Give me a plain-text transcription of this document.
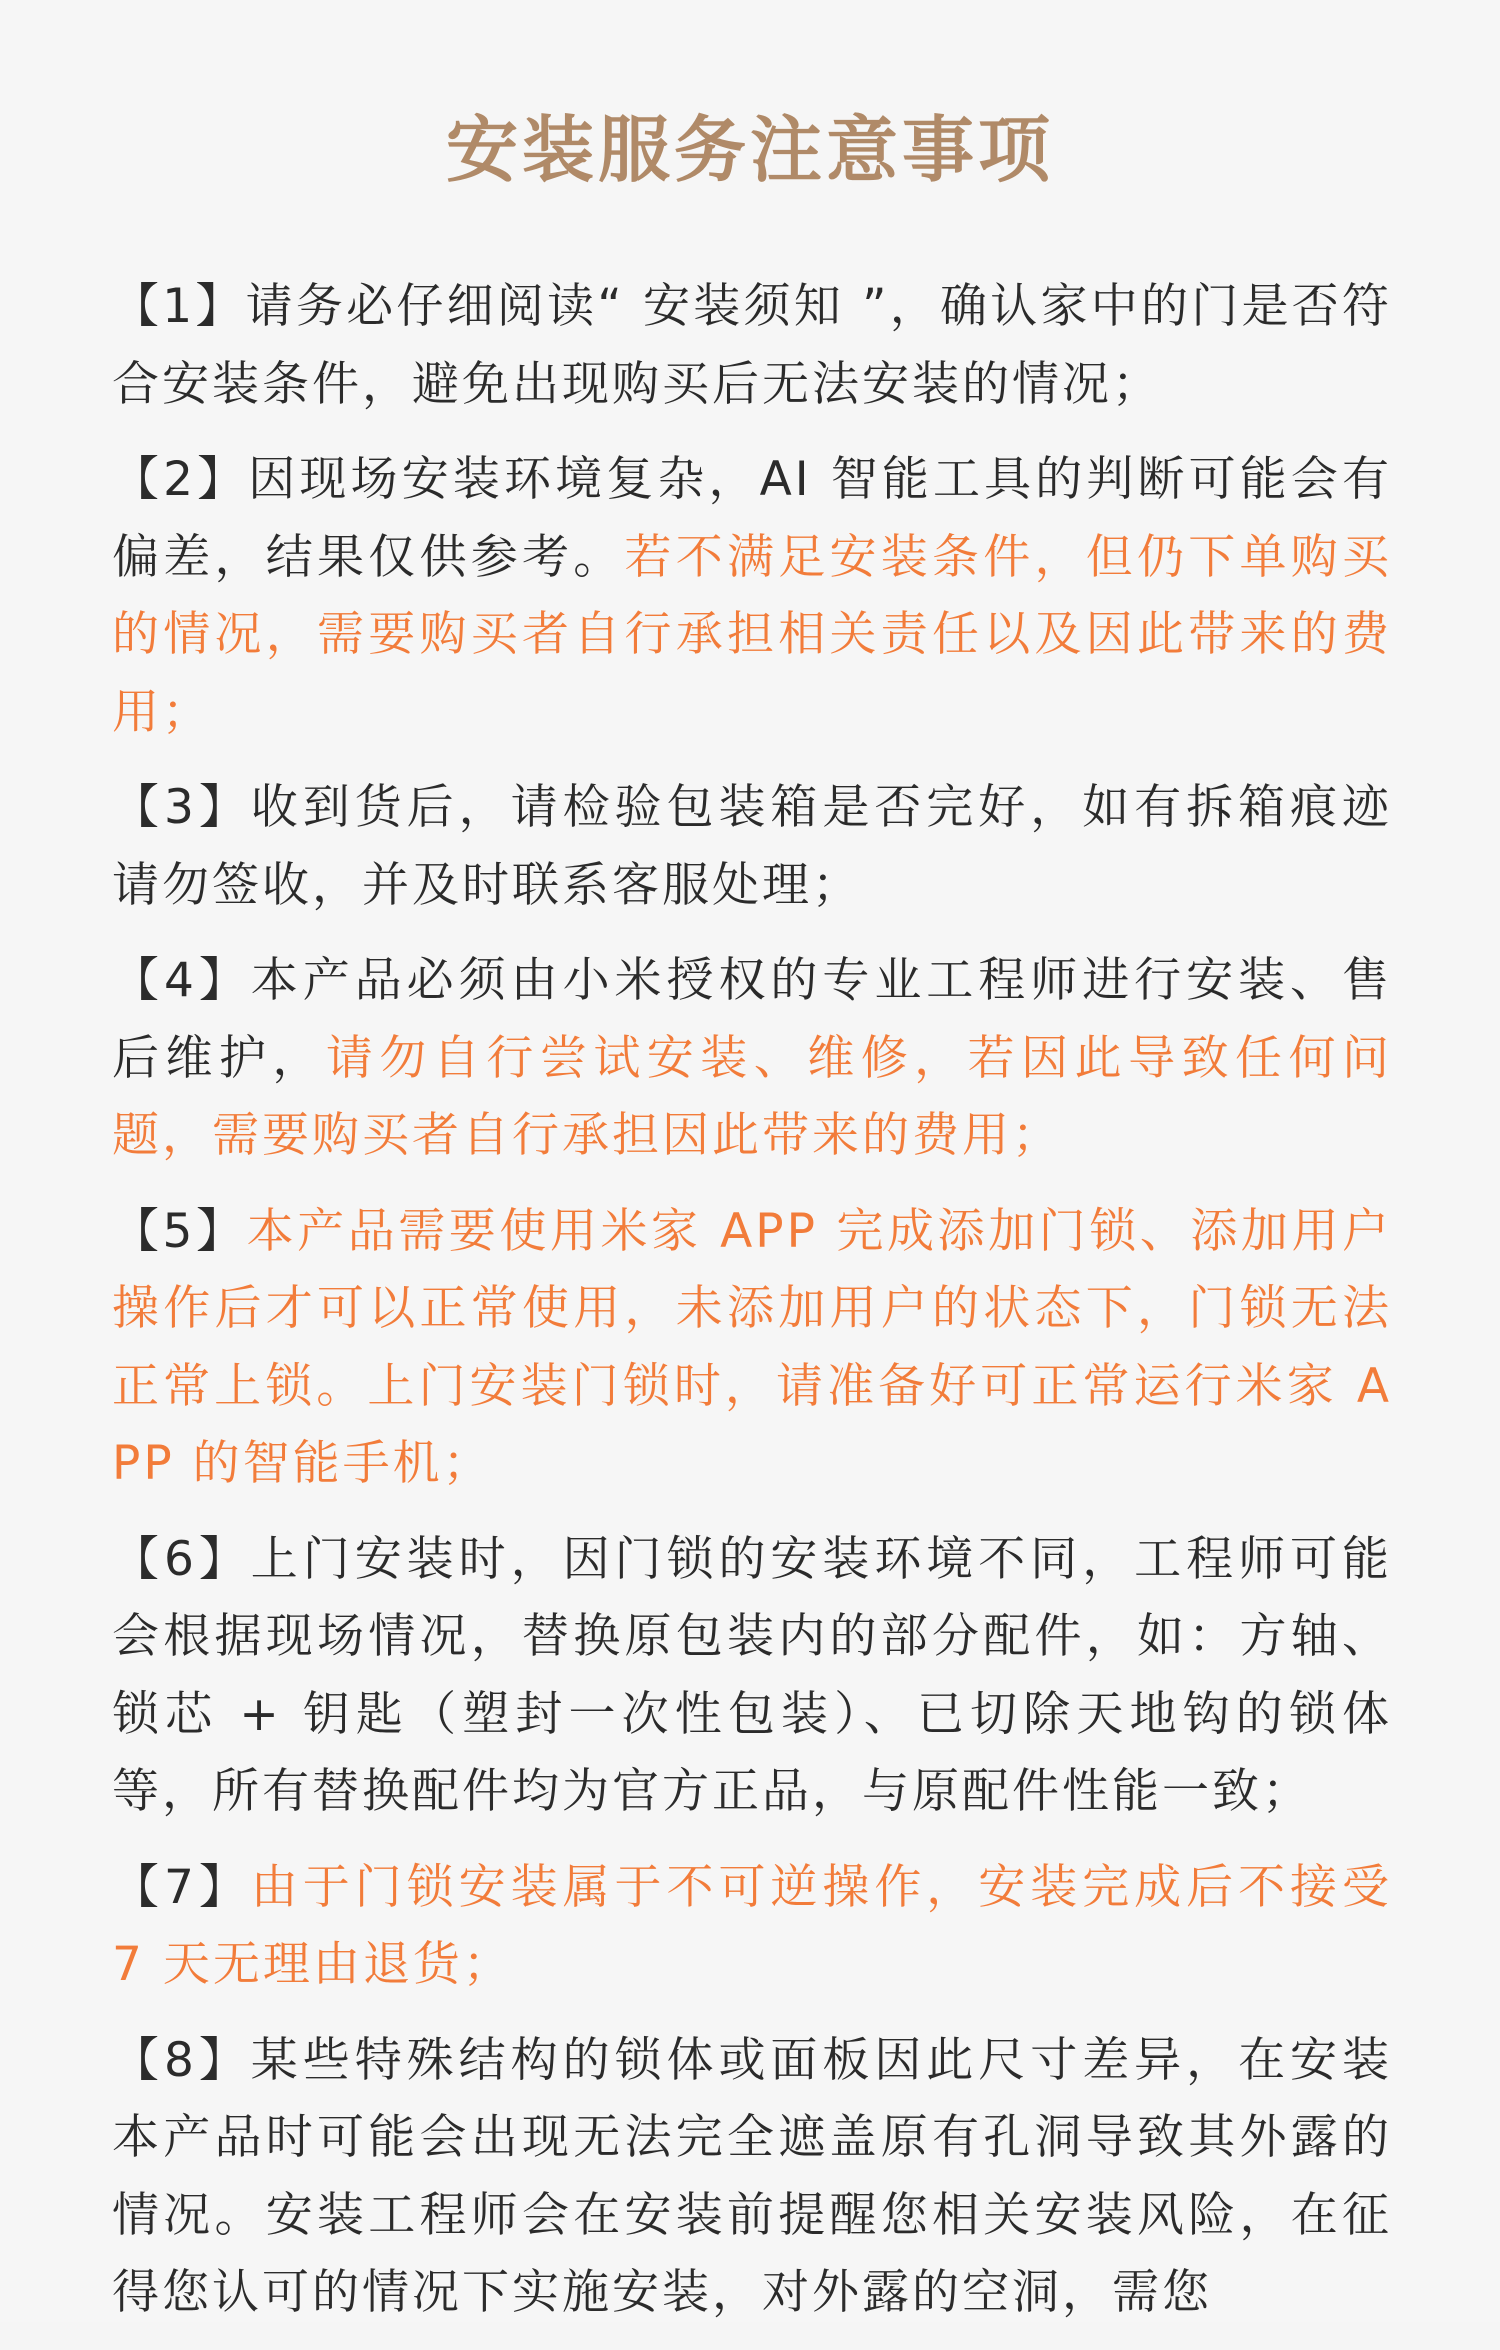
安装服务注意事项

【1】请务必仔细阅读“ 安装须知 ”，确认家中的门是否符合安装条件，避免出现购买后无法安装的情况；

【2】因现场安装环境复杂，AI 智能工具的判断可能会有偏差，结果仅供参考。若不满足安装条件，但仍下单购买的情况，需要购买者自行承担相关责任以及因此带来的费用；

【3】收到货后，请检验包装箱是否完好，如有拆箱痕迹请勿签收，并及时联系客服处理；

【4】本产品必须由小米授权的专业工程师进行安装、售后维护，请勿自行尝试安装、维修，若因此导致任何问题，需要购买者自行承担因此带来的费用；

【5】本产品需要使用米家 APP 完成添加门锁、添加用户操作后才可以正常使用，未添加用户的状态下，门锁无法正常上锁。上门安装门锁时，请准备好可正常运行米家 APP 的智能手机；

【6】上门安装时，因门锁的安装环境不同，工程师可能会根据现场情况，替换原包装内的部分配件，如：方轴、锁芯 + 钥匙（塑封一次性包装）、已切除天地钩的锁体等，所有替换配件均为官方正品，与原配件性能一致；

【7】由于门锁安装属于不可逆操作，安装完成后不接受 7 天无理由退货；

【8】某些特殊结构的锁体或面板因此尺寸差异，在安装本产品时可能会出现无法完全遮盖原有孔洞导致其外露的情况。安装工程师会在安装前提醒您相关安装风险，在征得您认可的情况下实施安装，对外露的空洞，需您
